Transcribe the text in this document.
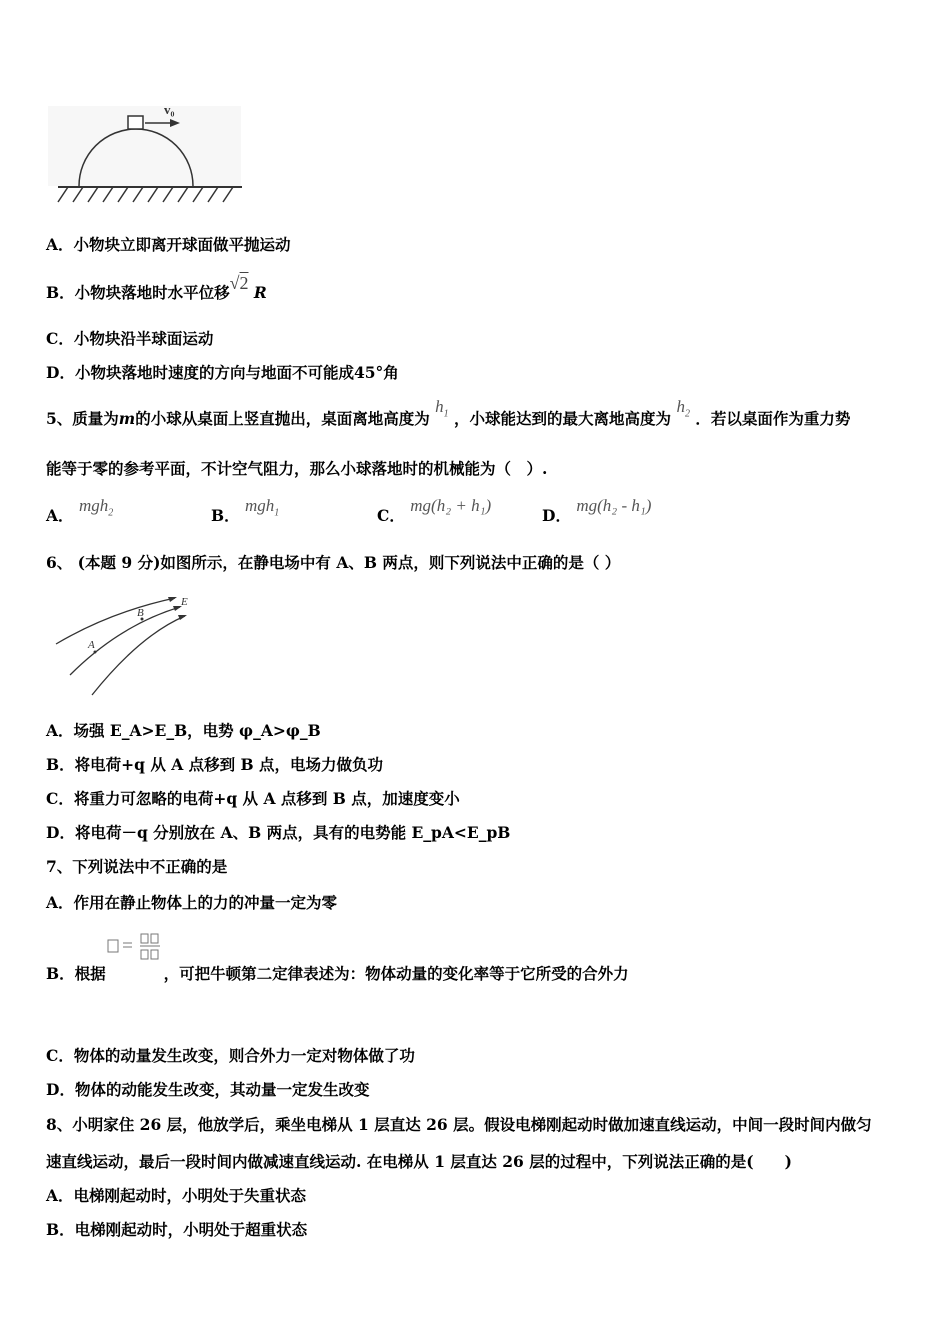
v₀
A．小物块立即离开球面做平抛运动
B．小物块落地时水平位移√2 R
C．小物块沿半球面运动
D．小物块落地时速度的方向与地面不可能成45°角
5、质量为m的小球从桌面上竖直抛出，桌面离地高度为 $h_1$ ，小球能达到的最大离地高度为 $h_2$ ．若以桌面作为重力势
能等于零的参考平面，不计空气阻力，那么小球落地时的机械能为（　）.
A． mgh$_2$	B． mgh$_1$	C． mg(h₂ + h₁)
D． mg(h₂ - h₁)
6、 (本题 9 分)如图所示，在静电场中有 A、B 两点，则下列说法中正确的是（ ）
A
B
E
A．场强 E_A>E_B，电势 φ_A>φ_B
B．将电荷+q 从 A 点移到 B 点，电场力做负功
C．将重力可忽略的电荷+q 从 A 点移到 B 点，加速度变小
D．将电荷－q 分别放在 A、B 两点，具有的电势能 E_pA<E_pB
7、下列说法中不正确的是
A．作用在静止物体上的力的冲量一定为零
B．根据	，可把牛顿第二定律表述为：物体动量的变化率等于它所受的合外力
C．物体的动量发生改变，则合外力一定对物体做了功
D．物体的动能发生改变，其动量一定发生改变
8、小明家住 26 层，他放学后，乘坐电梯从 1 层直达 26 层。假设电梯刚起动时做加速直线运动，中间一段时间内做匀
速直线运动，最后一段时间内做减速直线运动. 在电梯从 1 层直达 26 层的过程中，下列说法正确的是(　　)
A．电梯刚起动时，小明处于失重状态
B．电梯刚起动时，小明处于超重状态
